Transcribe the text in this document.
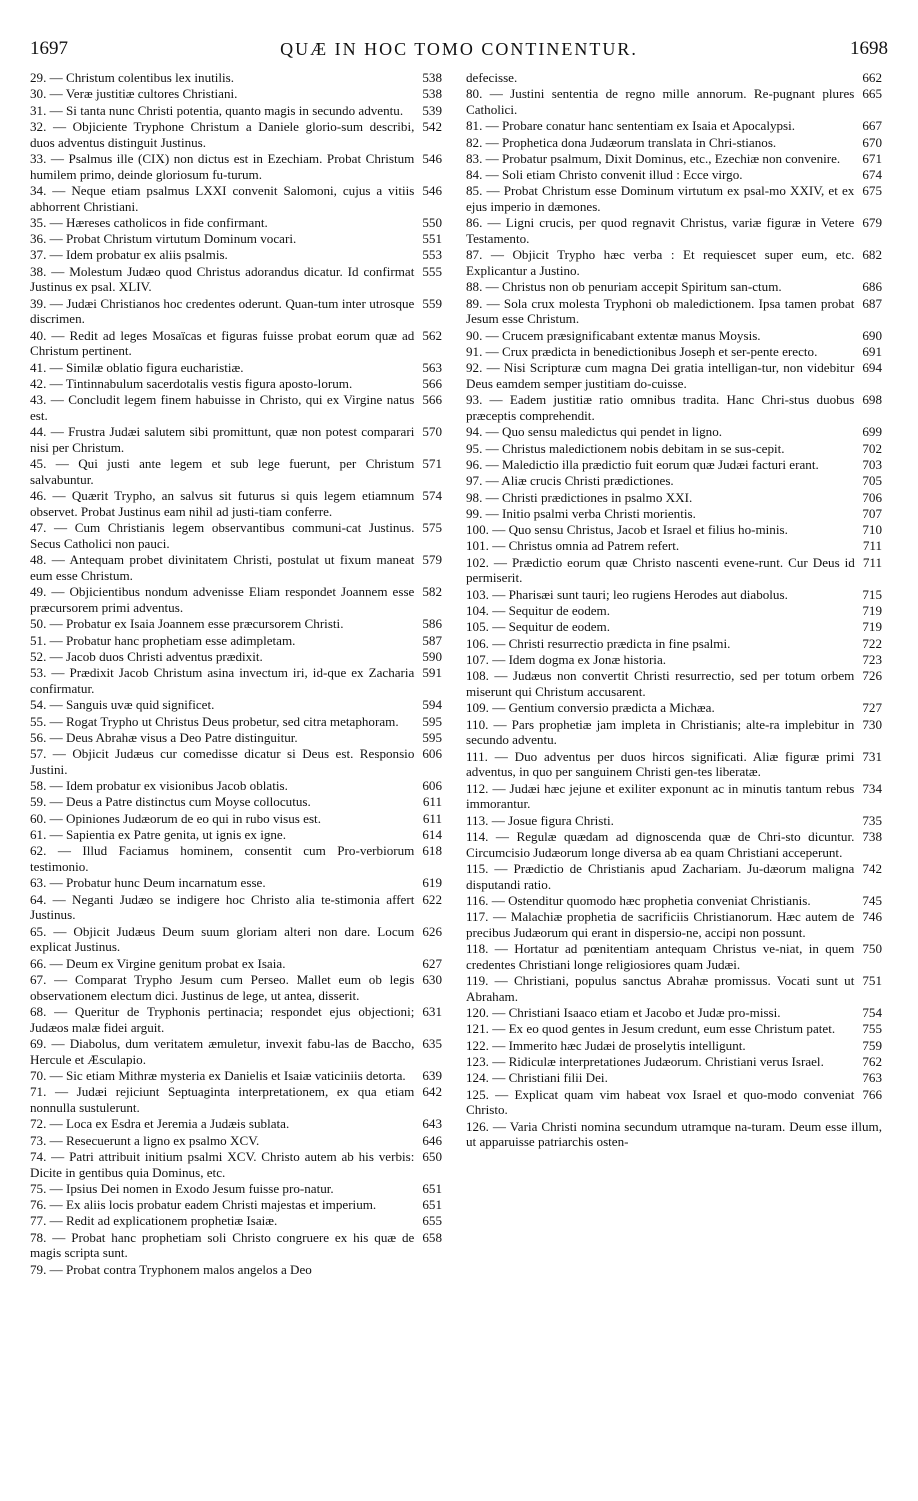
1697	QUÆ IN HOC TOMO CONTINENTUR.	1698
538
29. — Christum colentibus lex inutilis.
538
30. — Veræ justitiæ cultores Christiani.
539
31. — Si tanta nunc Christi potentia, quanto magis in secundo adventu.
542
32. — Objiciente Tryphone Christum a Daniele glorio-sum describi, duos adventus distinguit Justinus.
546
33. — Psalmus ille (CIX) non dictus est in Ezechiam. Probat Christum humilem primo, deinde gloriosum fu-turum.
546
34. — Neque etiam psalmus LXXI convenit Salomoni, cujus a vitiis abhorrent Christiani.
550
35. — Hæreses catholicos in fide confirmant.
551
36. — Probat Christum virtutum Dominum vocari.
553
37. — Idem probatur ex aliis psalmis.
555
38. — Molestum Judæo quod Christus adorandus dicatur. Id confirmat Justinus ex psal. XLIV.
559
39. — Judæi Christianos hoc credentes oderunt. Quan-tum inter utrosque discrimen.
562
40. — Redit ad leges Mosaïcas et figuras fuisse probat eorum quæ ad Christum pertinent.
563
41. — Similæ oblatio figura eucharistiæ.
566
42. — Tintinnabulum sacerdotalis vestis figura aposto-lorum.
566
43. — Concludit legem finem habuisse in Christo, qui ex Virgine natus est.
570
44. — Frustra Judæi salutem sibi promittunt, quæ non potest comparari nisi per Christum.
571
45. — Qui justi ante legem et sub lege fuerunt, per Christum salvabuntur.
574
46. — Quærit Trypho, an salvus sit futurus si quis legem etiamnum observet. Probat Justinus eam nihil ad justi-tiam conferre.
575
47. — Cum Christianis legem observantibus communi-cat Justinus. Secus Catholici non pauci.
579
48. — Antequam probet divinitatem Christi, postulat ut fixum maneat eum esse Christum.
582
49. — Objicientibus nondum advenisse Eliam respondet Joannem esse præcursorem primi adventus.
586
50. — Probatur ex Isaia Joannem esse præcursorem Christi.
587
51. — Probatur hanc prophetiam esse adimpletam.
590
52. — Jacob duos Christi adventus prædixit.
591
53. — Prædixit Jacob Christum asina invectum iri, id-que ex Zacharia confirmatur.
594
54. — Sanguis uvæ quid significet.
595
55. — Rogat Trypho ut Christus Deus probetur, sed citra metaphoram.
595
56. — Deus Abrahæ visus a Deo Patre distinguitur.
606
57. — Objicit Judæus cur comedisse dicatur si Deus est. Responsio Justini.
606
58. — Idem probatur ex visionibus Jacob oblatis.
611
59. — Deus a Patre distinctus cum Moyse collocutus.
611
60. — Opiniones Judæorum de eo qui in rubo visus est.
614
61. — Sapientia ex Patre genita, ut ignis ex igne.
618
62. — Illud Faciamus hominem, consentit cum Pro-verbiorum testimonio.
619
63. — Probatur hunc Deum incarnatum esse.
622
64. — Neganti Judæo se indigere hoc Christo alia te-stimonia affert Justinus.
626
65. — Objicit Judæus Deum suum gloriam alteri non dare. Locum explicat Justinus.
627
66. — Deum ex Virgine genitum probat ex Isaia.
630
67. — Comparat Trypho Jesum cum Perseo. Mallet eum ob legis observationem electum dici. Justinus de lege, ut antea, disserit.
631
68. — Queritur de Tryphonis pertinacia; respondet ejus objectioni; Judæos malæ fidei arguit.
635
69. — Diabolus, dum veritatem æmuletur, invexit fabu-las de Baccho, Hercule et Æsculapio.
639
70. — Sic etiam Mithræ mysteria ex Danielis et Isaiæ vaticiniis detorta.
642
71. — Judæi rejiciunt Septuaginta interpretationem, ex qua etiam nonnulla sustulerunt.
643
72. — Loca ex Esdra et Jeremia a Judæis sublata.
646
73. — Resecuerunt a ligno ex psalmo XCV.
650
74. — Patri attribuit initium psalmi XCV. Christo autem ab his verbis: Dicite in gentibus quia Dominus, etc.
651
75. — Ipsius Dei nomen in Exodo Jesum fuisse pro-natur.
651
76. — Ex aliis locis probatur eadem Christi majestas et imperium.
655
77. — Redit ad explicationem prophetiæ Isaiæ.
658
78. — Probat hanc prophetiam soli Christo congruere ex his quæ de magis scripta sunt.
79. — Probat contra Tryphonem malos angelos a Deo
662
defecisse.
665
80. — Justini sententia de regno mille annorum. Re-pugnant plures Catholici.
667
81. — Probare conatur hanc sententiam ex Isaia et Apocalypsi.
670
82. — Prophetica dona Judæorum translata in Chri-stianos.
671
83. — Probatur psalmum, Dixit Dominus, etc., Ezechiæ non convenire.
674
84. — Soli etiam Christo convenit illud : Ecce virgo.
675
85. — Probat Christum esse Dominum virtutum ex psal-mo XXIV, et ex ejus imperio in dæmones.
679
86. — Ligni crucis, per quod regnavit Christus, variæ figuræ in Vetere Testamento.
682
87. — Objicit Trypho hæc verba : Et requiescet super eum, etc. Explicantur a Justino.
686
88. — Christus non ob penuriam accepit Spiritum san-ctum.
687
89. — Sola crux molesta Tryphoni ob maledictionem. Ipsa tamen probat Jesum esse Christum.
690
90. — Crucem præsignificabant extentæ manus Moysis.
691
91. — Crux prædicta in benedictionibus Joseph et ser-pente erecto.
694
92. — Nisi Scripturæ cum magna Dei gratia intelligan-tur, non videbitur Deus eamdem semper justitiam do-cuisse.
698
93. — Eadem justitiæ ratio omnibus tradita. Hanc Chri-stus duobus præceptis comprehendit.
699
94. — Quo sensu maledictus qui pendet in ligno.
702
95. — Christus maledictionem nobis debitam in se sus-cepit.
703
96. — Maledictio illa prædictio fuit eorum quæ Judæi facturi erant.
705
97. — Aliæ crucis Christi prædictiones.
706
98. — Christi prædictiones in psalmo XXI.
707
99. — Initio psalmi verba Christi morientis.
710
100. — Quo sensu Christus, Jacob et Israel et filius ho-minis.
711
101. — Christus omnia ad Patrem refert.
711
102. — Prædictio eorum quæ Christo nascenti evene-runt. Cur Deus id permiserit.
715
103. — Pharisæi sunt tauri; leo rugiens Herodes aut diabolus.
719
104. — Sequitur de eodem.
719
105. — Sequitur de eodem.
722
106. — Christi resurrectio prædicta in fine psalmi.
723
107. — Idem dogma ex Jonæ historia.
726
108. — Judæus non convertit Christi resurrectio, sed per totum orbem miserunt qui Christum accusarent.
727
109. — Gentium conversio prædicta a Michæa.
730
110. — Pars prophetiæ jam impleta in Christianis; alte-ra implebitur in secundo adventu.
731
111. — Duo adventus per duos hircos significati. Aliæ figuræ primi adventus, in quo per sanguinem Christi gen-tes liberatæ.
734
112. — Judæi hæc jejune et exiliter exponunt ac in minutis tantum rebus immorantur.
735
113. — Josue figura Christi.
738
114. — Regulæ quædam ad dignoscenda quæ de Chri-sto dicuntur. Circumcisio Judæorum longe diversa ab ea quam Christiani acceperunt.
742
115. — Prædictio de Christianis apud Zachariam. Ju-dæorum maligna disputandi ratio.
745
116. — Ostenditur quomodo hæc prophetia conveniat Christianis.
746
117. — Malachiæ prophetia de sacrificiis Christianorum. Hæc autem de precibus Judæorum qui erant in dispersio-ne, accipi non possunt.
750
118. — Hortatur ad pœnitentiam antequam Christus ve-niat, in quem credentes Christiani longe religiosiores quam Judæi.
751
119. — Christiani, populus sanctus Abrahæ promissus. Vocati sunt ut Abraham.
754
120. — Christiani Isaaco etiam et Jacobo et Judæ pro-missi.
755
121. — Ex eo quod gentes in Jesum credunt, eum esse Christum patet.
759
122. — Immerito hæc Judæi de proselytis intelligunt.
762
123. — Ridiculæ interpretationes Judæorum. Christiani verus Israel.
763
124. — Christiani filii Dei.
766
125. — Explicat quam vim habeat vox Israel et quo-modo conveniat Christo.
126. — Varia Christi nomina secundum utramque na-turam. Deum esse illum, ut apparuisse patriarchis osten-
